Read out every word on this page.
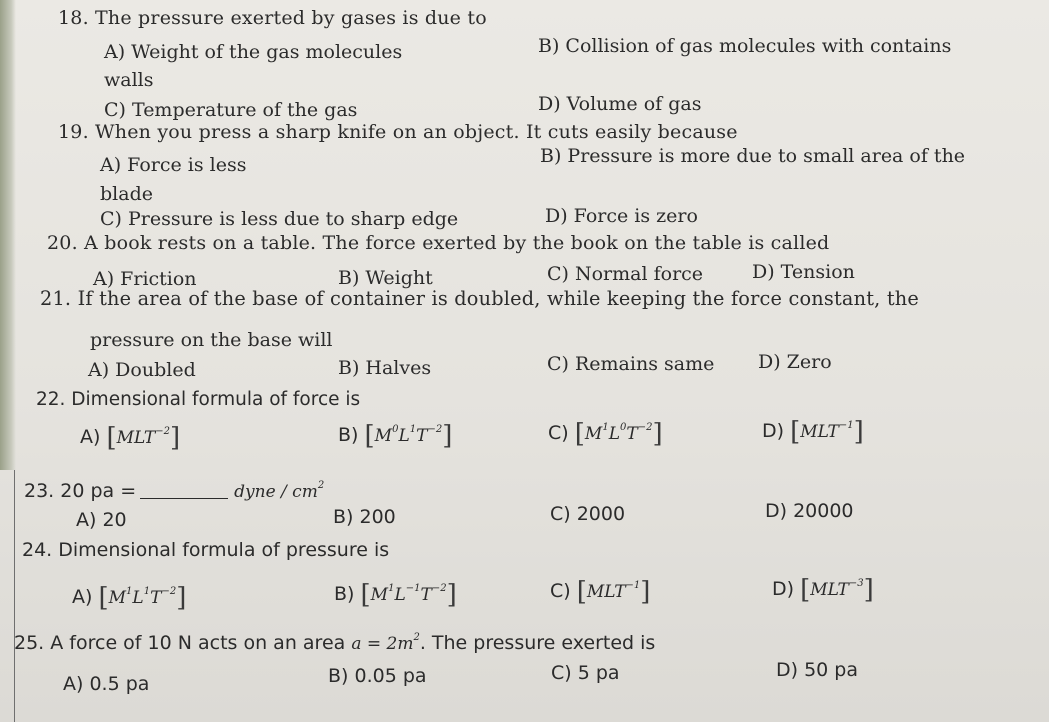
18. The pressure exerted by gases is due to
A) Weight of the gas molecules	B) Collision of gas molecules with contains
walls
C) Temperature of the gas	D) Volume of gas
19. When you press a sharp knife on an object. It cuts easily because
A) Force is less	B) Pressure is more due to small area of the
blade
C) Pressure is less due to sharp edge	D) Force is zero
20. A book rests on a table. The force exerted by the book on the table is called
A) Friction	B) Weight	C) Normal force	D) Tension
21. If the area of the base of container is doubled, while keeping the force constant, the
pressure on the base will
A) Doubled	B) Halves	C) Remains same D) Zero
22. Dimensional formula of force is
A) $[MLT^{-2}]$	B) $[M^0L^1T^{-2}]$	C) $[M^1L^0T^{-2}]$	D) $[MLT^{-1}]$
23. 20 pa =	dyne / $cm^2$
A) 20	B) 200	C) 2000	D) 20000
24. Dimensional formula of pressure is
A) $[M^1L^1T^{-2}]$	B) $[M^1L^{-1}T^{-2}]$	C) $[MLT^{-1}]$	D) $[MLT^{-3}]$
25. A force of 10 N acts on an area $a = 2m^2$. The pressure exerted is
A) 0.5 pa	B) 0.05 pa	C) 5 pa	D) 50 pa
